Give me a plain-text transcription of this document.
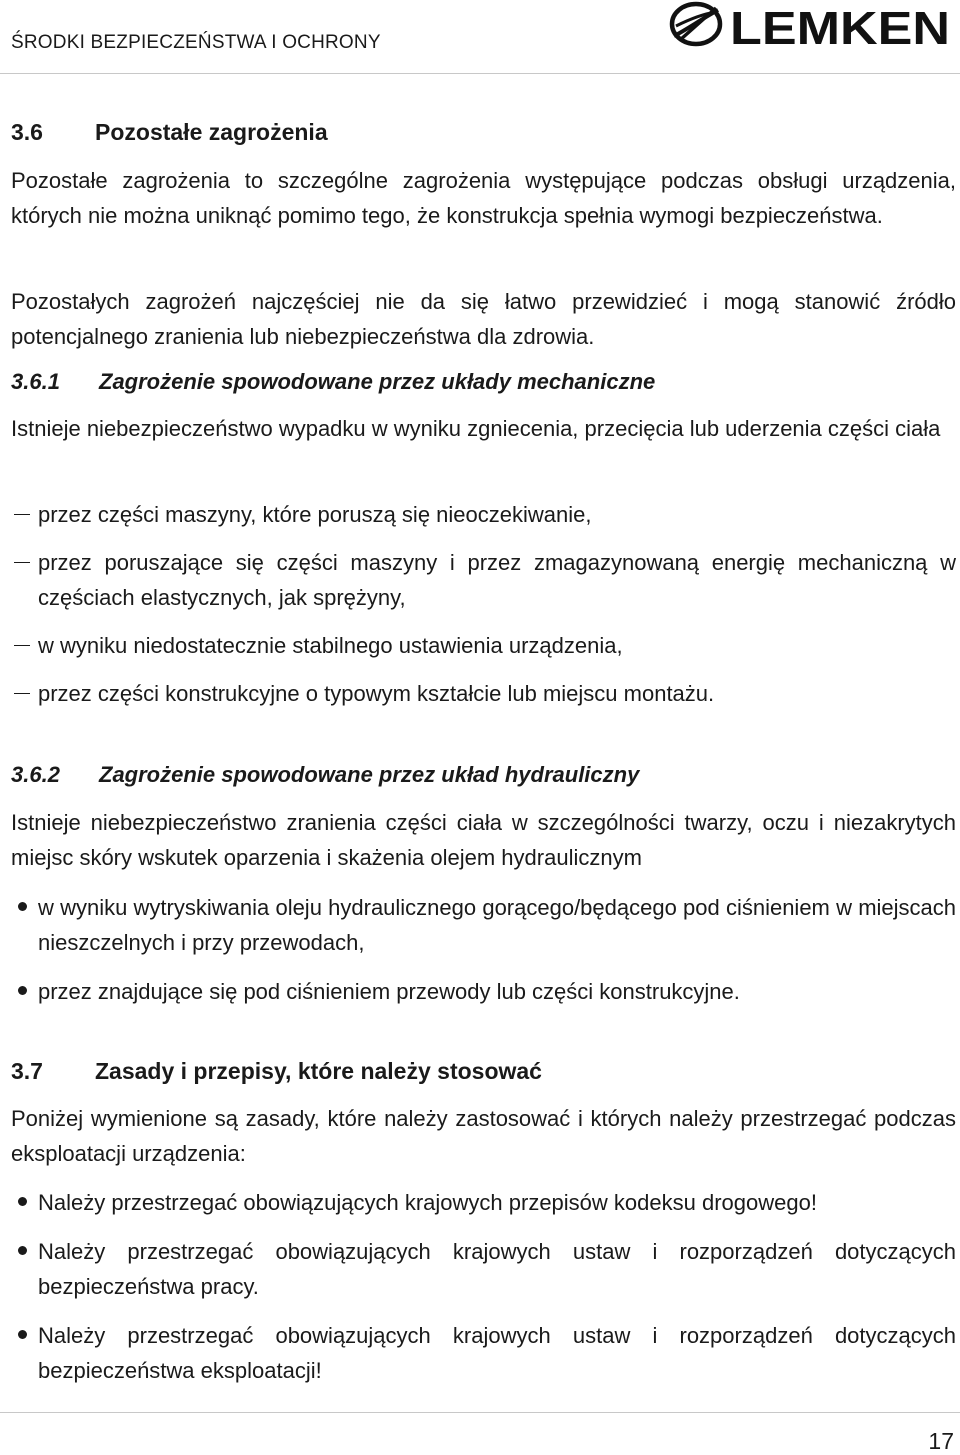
ŚRODKI BEZPIECZEŃSTWA I OCHRONY	LEMKEN
3.6 Pozostałe zagrożenia
Pozostałe zagrożenia to szczególne zagrożenia występujące podczas obsługi urządzenia, których nie można uniknąć pomimo tego, że konstrukcja spełnia wymogi bezpieczeństwa.
Pozostałych zagrożeń najczęściej nie da się łatwo przewidzieć i mogą stanowić źródło potencjalnego zranienia lub niebezpieczeństwa dla zdrowia.
3.6.1 Zagrożenie spowodowane przez układy mechaniczne
Istnieje niebezpieczeństwo wypadku w wyniku zgniecenia, przecięcia lub uderzenia części ciała
przez części maszyny, które poruszą się nieoczekiwanie,
przez poruszające się części maszyny i przez zmagazynowaną energię mechaniczną w częściach elastycznych, jak sprężyny,
w wyniku niedostatecznie stabilnego ustawienia urządzenia,
przez części konstrukcyjne o typowym kształcie lub miejscu montażu.
3.6.2 Zagrożenie spowodowane przez układ hydrauliczny
Istnieje niebezpieczeństwo zranienia części ciała w szczególności twarzy, oczu i niezakrytych miejsc skóry wskutek oparzenia i skażenia olejem hydraulicznym
w wyniku wytryskiwania oleju hydraulicznego gorącego/będącego pod ciśnieniem w miejscach nieszczelnych i przy przewodach,
przez znajdujące się pod ciśnieniem przewody lub części konstrukcyjne.
3.7 Zasady i przepisy, które należy stosować
Poniżej wymienione są zasady, które należy zastosować i których należy przestrzegać podczas eksploatacji urządzenia:
Należy przestrzegać obowiązujących krajowych przepisów kodeksu drogowego!
Należy przestrzegać obowiązujących krajowych ustaw i rozporządzeń dotyczących bezpieczeństwa pracy.
Należy przestrzegać obowiązujących krajowych ustaw i rozporządzeń dotyczących bezpieczeństwa eksploatacji!
17
